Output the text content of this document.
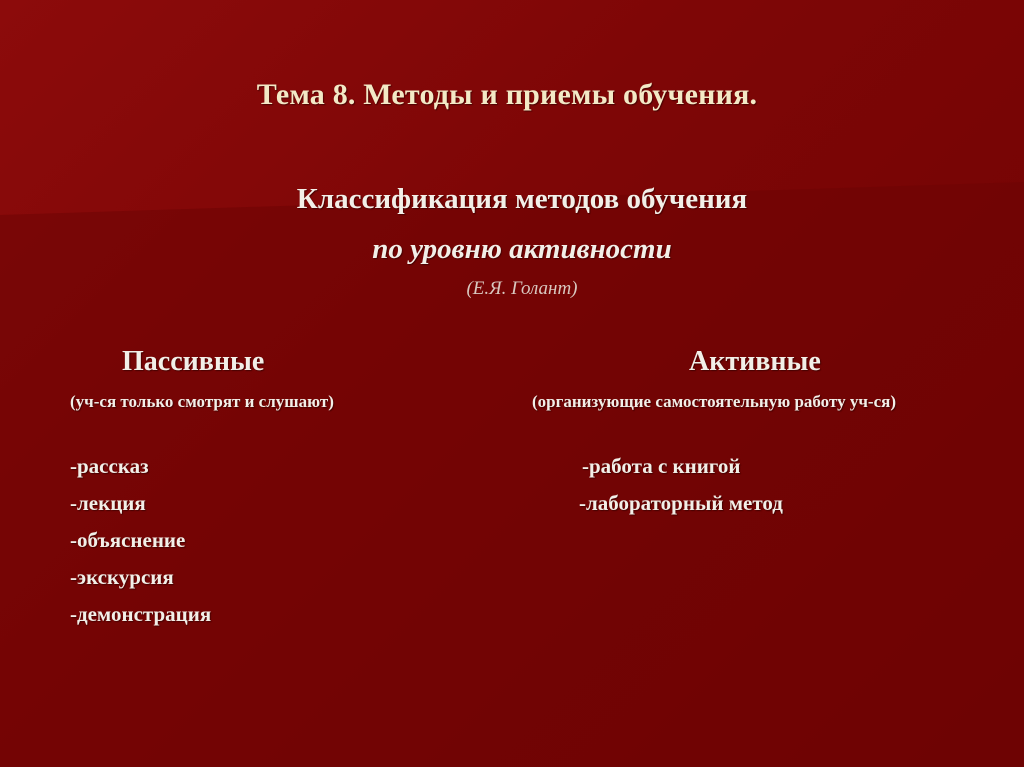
Тема 8. Методы и приемы обучения.
Классификация методов обучения
по уровню активности
(Е.Я. Голант)
Пассивные
(уч-ся только смотрят и слушают)
-рассказ
-лекция
-объяснение
-экскурсия
-демонстрация
Активные
(организующие самостоятельную работу уч-ся)
-работа с книгой
-лабораторный метод
